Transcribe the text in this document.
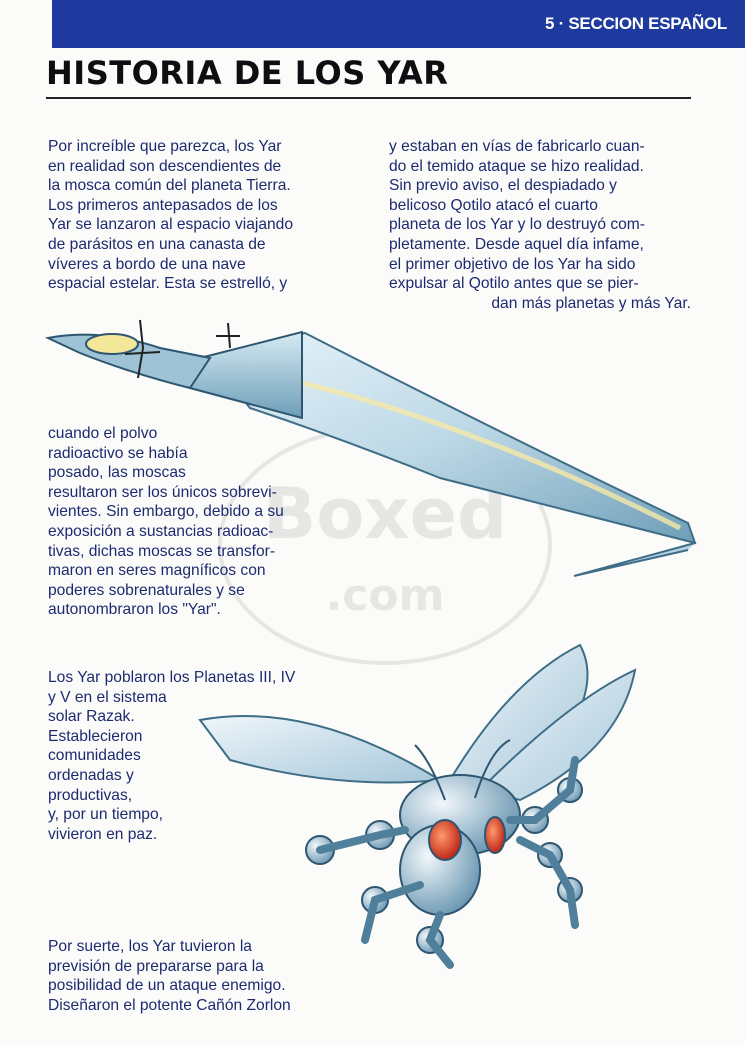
5 · SECCION ESPAÑOL
HISTORIA DE LOS YAR
Boxed
.com

Por increíble que parezca, los Yar
en realidad son descendientes de
la mosca común del planeta Tierra.
Los primeros antepasados de los
Yar se lanzaron al espacio viajando
de parásitos en una canasta de
víveres a bordo de una nave
espacial estelar. Esta se estrelló, y

y estaban en vías de fabricarlo cuan-
do el temido ataque se hizo realidad.
Sin previo aviso, el despiadado y
belicoso Qotilo atacó el cuarto
planeta de los Yar y lo destruyó com-
pletamente. Desde aquel día infame,
el primer objetivo de los Yar ha sido
expulsar al Qotilo antes que se pier-
dan más planetas y más Yar.

cuando el polvo
radioactivo se había
posado, las moscas
resultaron ser los únicos sobrevi-
vientes. Sin embargo, debido a su
exposición a sustancias radioac-
tivas, dichas moscas se transfor-
maron en seres magníficos con
poderes sobrenaturales y se
autonombraron los "Yar".

Los Yar poblaron los Planetas III, IV
y V en el sistema
solar Razak.
Establecieron
comunidades
ordenadas y
productivas,
y, por un tiempo,
vivieron en paz.

Por suerte, los Yar tuvieron la
previsión de prepararse para la
posibilidad de un ataque enemigo.
Diseñaron el potente Cañón Zorlon
